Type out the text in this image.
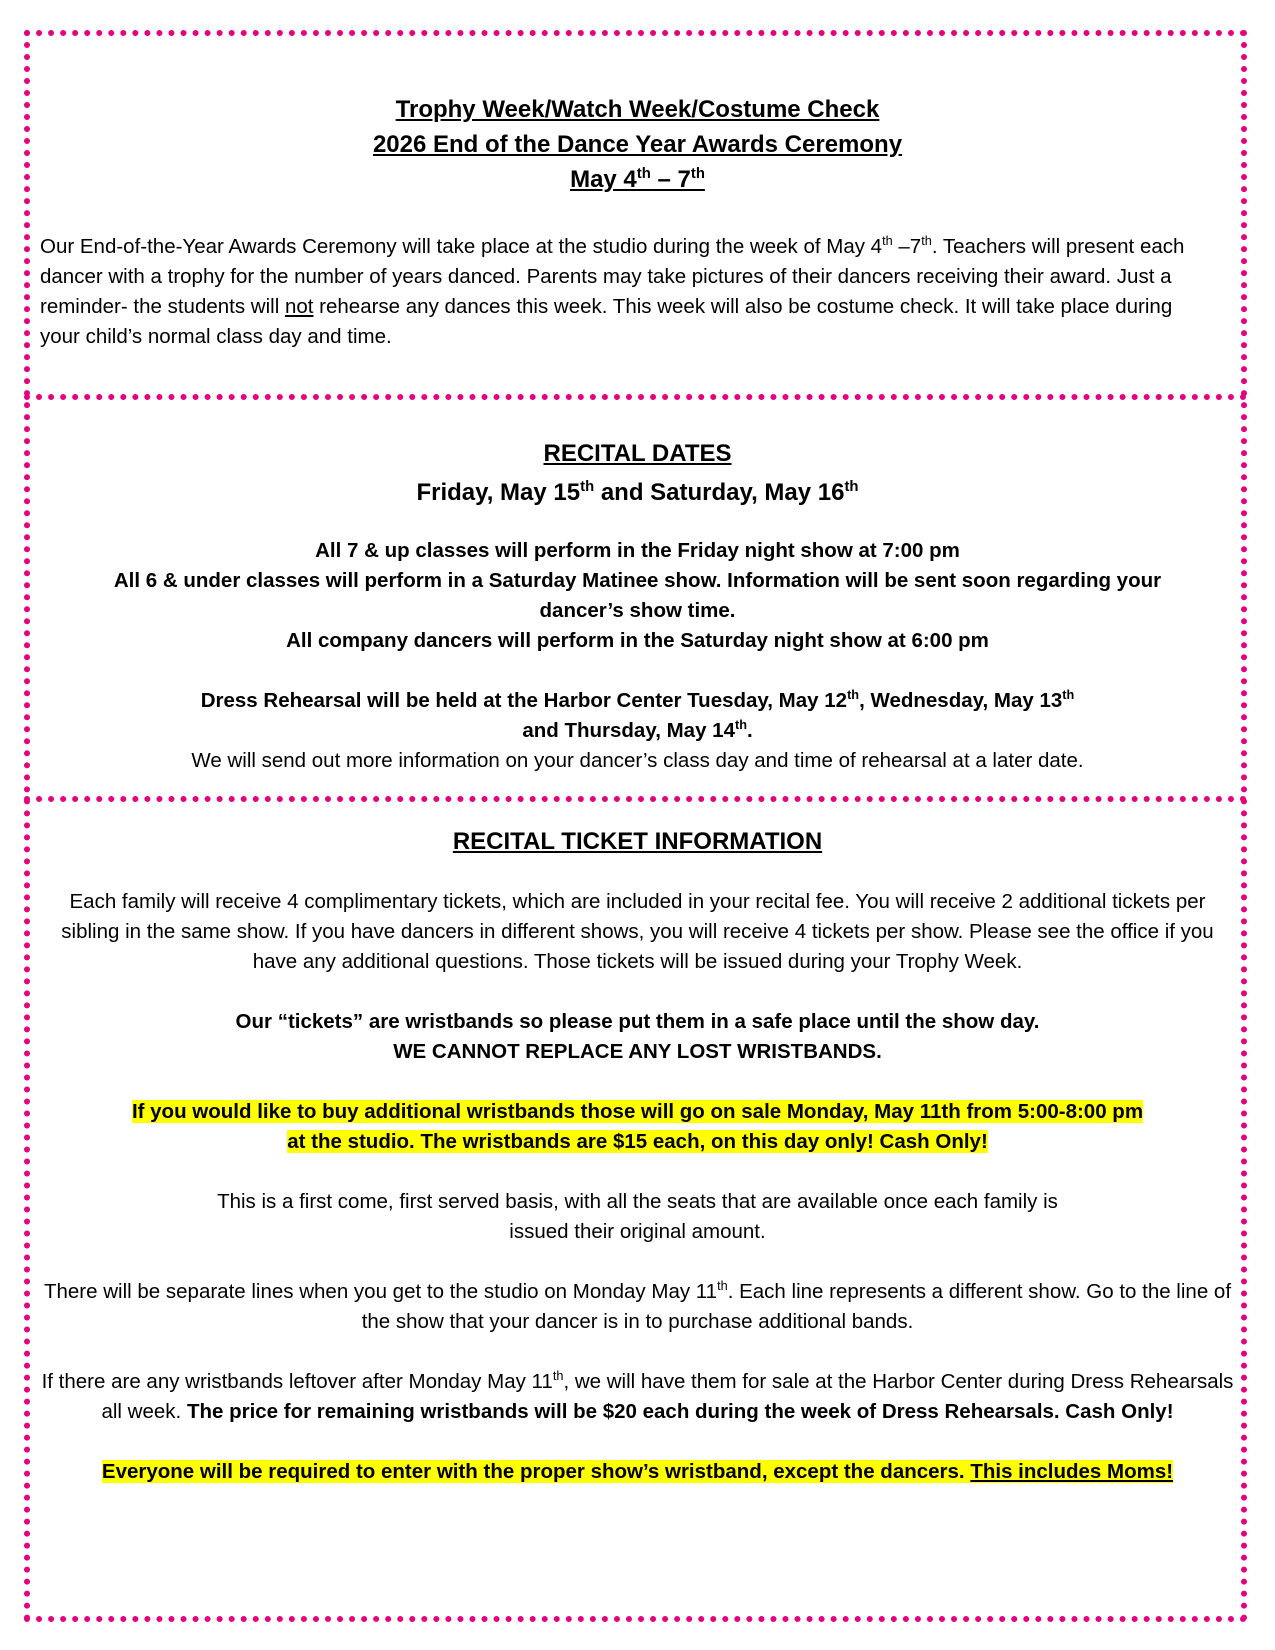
Trophy Week/Watch Week/Costume Check
2026 End of the Dance Year Awards Ceremony
May 4th – 7th
Our End-of-the-Year Awards Ceremony will take place at the studio during the week of May 4th –7th. Teachers will present each dancer with a trophy for the number of years danced. Parents may take pictures of their dancers receiving their award. Just a reminder- the students will not rehearse any dances this week. This week will also be costume check. It will take place during your child’s normal class day and time.
RECITAL DATES
Friday, May 15th and Saturday, May 16th
All 7 & up classes will perform in the Friday night show at 7:00 pm
All 6 & under classes will perform in a Saturday Matinee show. Information will be sent soon regarding your dancer’s show time.
All company dancers will perform in the Saturday night show at 6:00 pm
Dress Rehearsal will be held at the Harbor Center Tuesday, May 12th, Wednesday, May 13th
and Thursday, May 14th.
We will send out more information on your dancer’s class day and time of rehearsal at a later date.
RECITAL TICKET INFORMATION
Each family will receive 4 complimentary tickets, which are included in your recital fee. You will receive 2 additional tickets per sibling in the same show. If you have dancers in different shows, you will receive 4 tickets per show. Please see the office if you have any additional questions. Those tickets will be issued during your Trophy Week.
Our “tickets” are wristbands so please put them in a safe place until the show day.
WE CANNOT REPLACE ANY LOST WRISTBANDS.
If you would like to buy additional wristbands those will go on sale Monday, May 11th from 5:00-8:00 pm
at the studio. The wristbands are $15 each, on this day only! Cash Only!
This is a first come, first served basis, with all the seats that are available once each family is
issued their original amount.
There will be separate lines when you get to the studio on Monday May 11th. Each line represents a different show. Go to the line of the show that your dancer is in to purchase additional bands.
If there are any wristbands leftover after Monday May 11th, we will have them for sale at the Harbor Center during Dress Rehearsals all week. The price for remaining wristbands will be $20 each during the week of Dress Rehearsals. Cash Only!
Everyone will be required to enter with the proper show’s wristband, except the dancers. This includes Moms!
